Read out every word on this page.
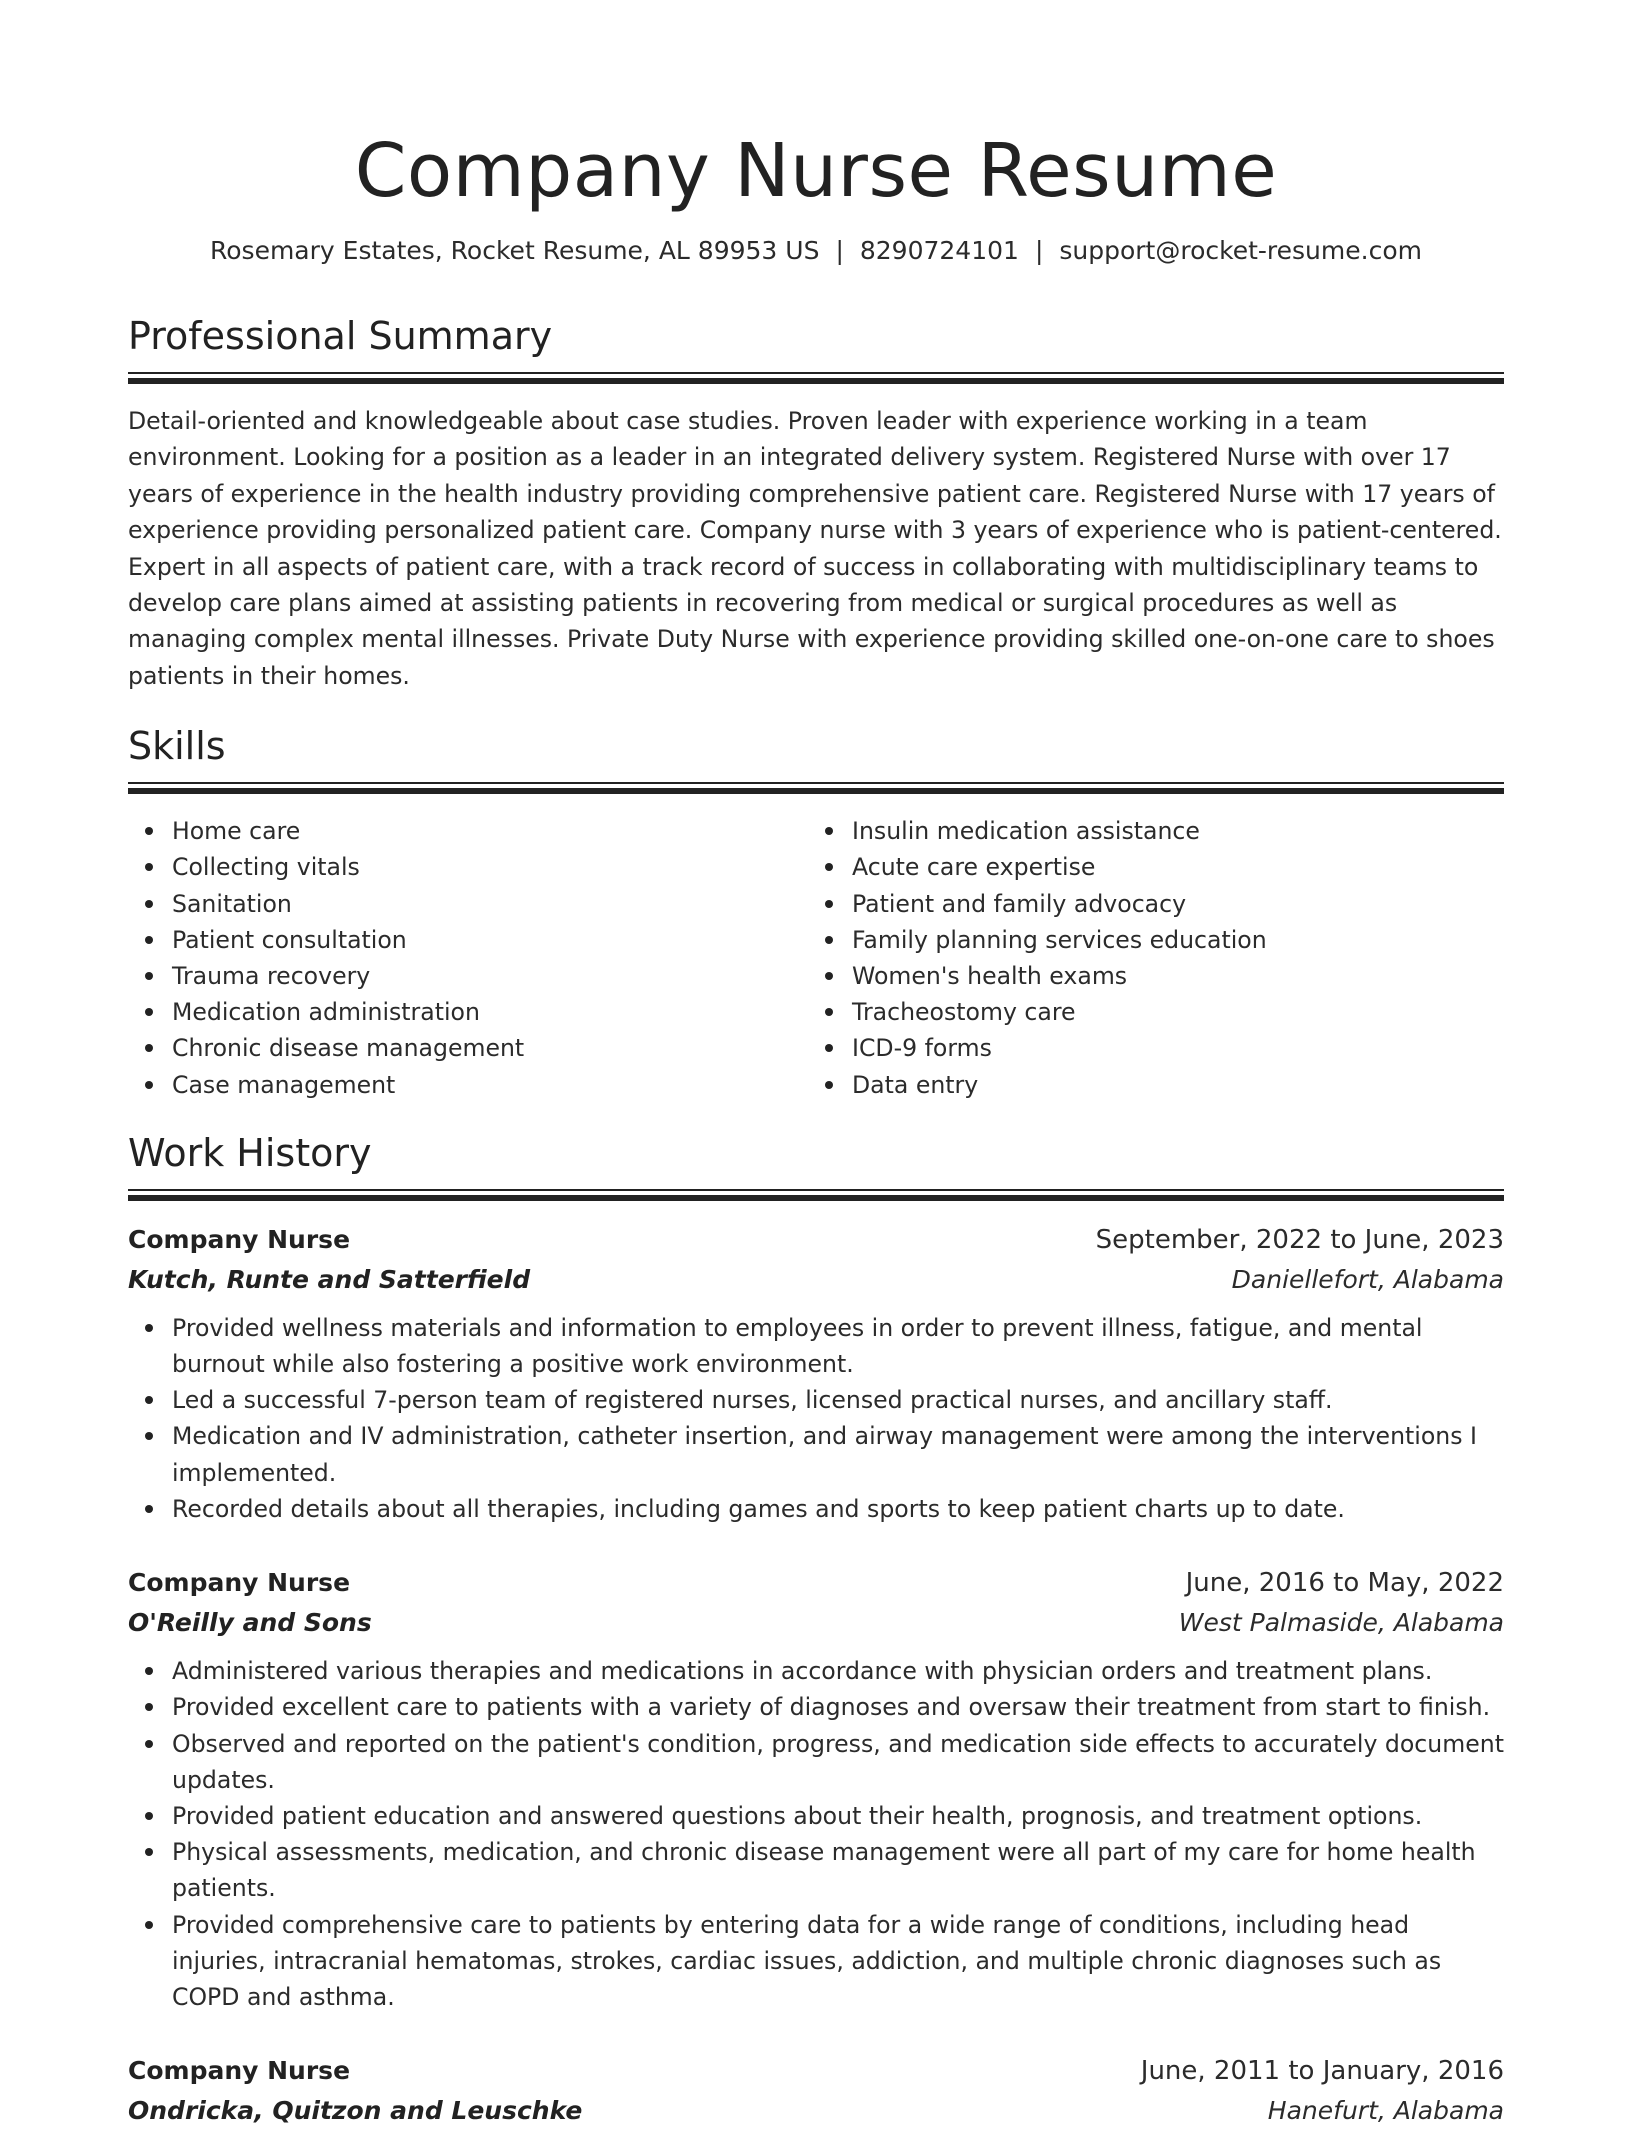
Company Nurse Resume
Rosemary Estates, Rocket Resume, AL 89953 US | 8290724101 | support@rocket-resume.com
Professional Summary
Detail-oriented and knowledgeable about case studies. Proven leader with experience working in a team environment. Looking for a position as a leader in an integrated delivery system. Registered Nurse with over 17 years of experience in the health industry providing comprehensive patient care. Registered Nurse with 17 years of experience providing personalized patient care. Company nurse with 3 years of experience who is patient-centered. Expert in all aspects of patient care, with a track record of success in collaborating with multidisciplinary teams to develop care plans aimed at assisting patients in recovering from medical or surgical procedures as well as managing complex mental illnesses. Private Duty Nurse with experience providing skilled one-on-one care to shoes patients in their homes.
Skills
Home care
Collecting vitals
Sanitation
Patient consultation
Trauma recovery
Medication administration
Chronic disease management
Case management
Insulin medication assistance
Acute care expertise
Patient and family advocacy
Family planning services education
Women's health exams
Tracheostomy care
ICD-9 forms
Data entry
Work History
Company Nurse	September, 2022 to June, 2023
Kutch, Runte and Satterfield	Daniellefort, Alabama
Provided wellness materials and information to employees in order to prevent illness, fatigue, and mental burnout while also fostering a positive work environment.
Led a successful 7-person team of registered nurses, licensed practical nurses, and ancillary staff.
Medication and IV administration, catheter insertion, and airway management were among the interventions I implemented.
Recorded details about all therapies, including games and sports to keep patient charts up to date.
Company Nurse	June, 2016 to May, 2022
O'Reilly and Sons	West Palmaside, Alabama
Administered various therapies and medications in accordance with physician orders and treatment plans.
Provided excellent care to patients with a variety of diagnoses and oversaw their treatment from start to finish.
Observed and reported on the patient's condition, progress, and medication side effects to accurately document updates.
Provided patient education and answered questions about their health, prognosis, and treatment options.
Physical assessments, medication, and chronic disease management were all part of my care for home health patients.
Provided comprehensive care to patients by entering data for a wide range of conditions, including head injuries, intracranial hematomas, strokes, cardiac issues, addiction, and multiple chronic diagnoses such as COPD and asthma.
Company Nurse	June, 2011 to January, 2016
Ondricka, Quitzon and Leuschke	Hanefurt, Alabama
